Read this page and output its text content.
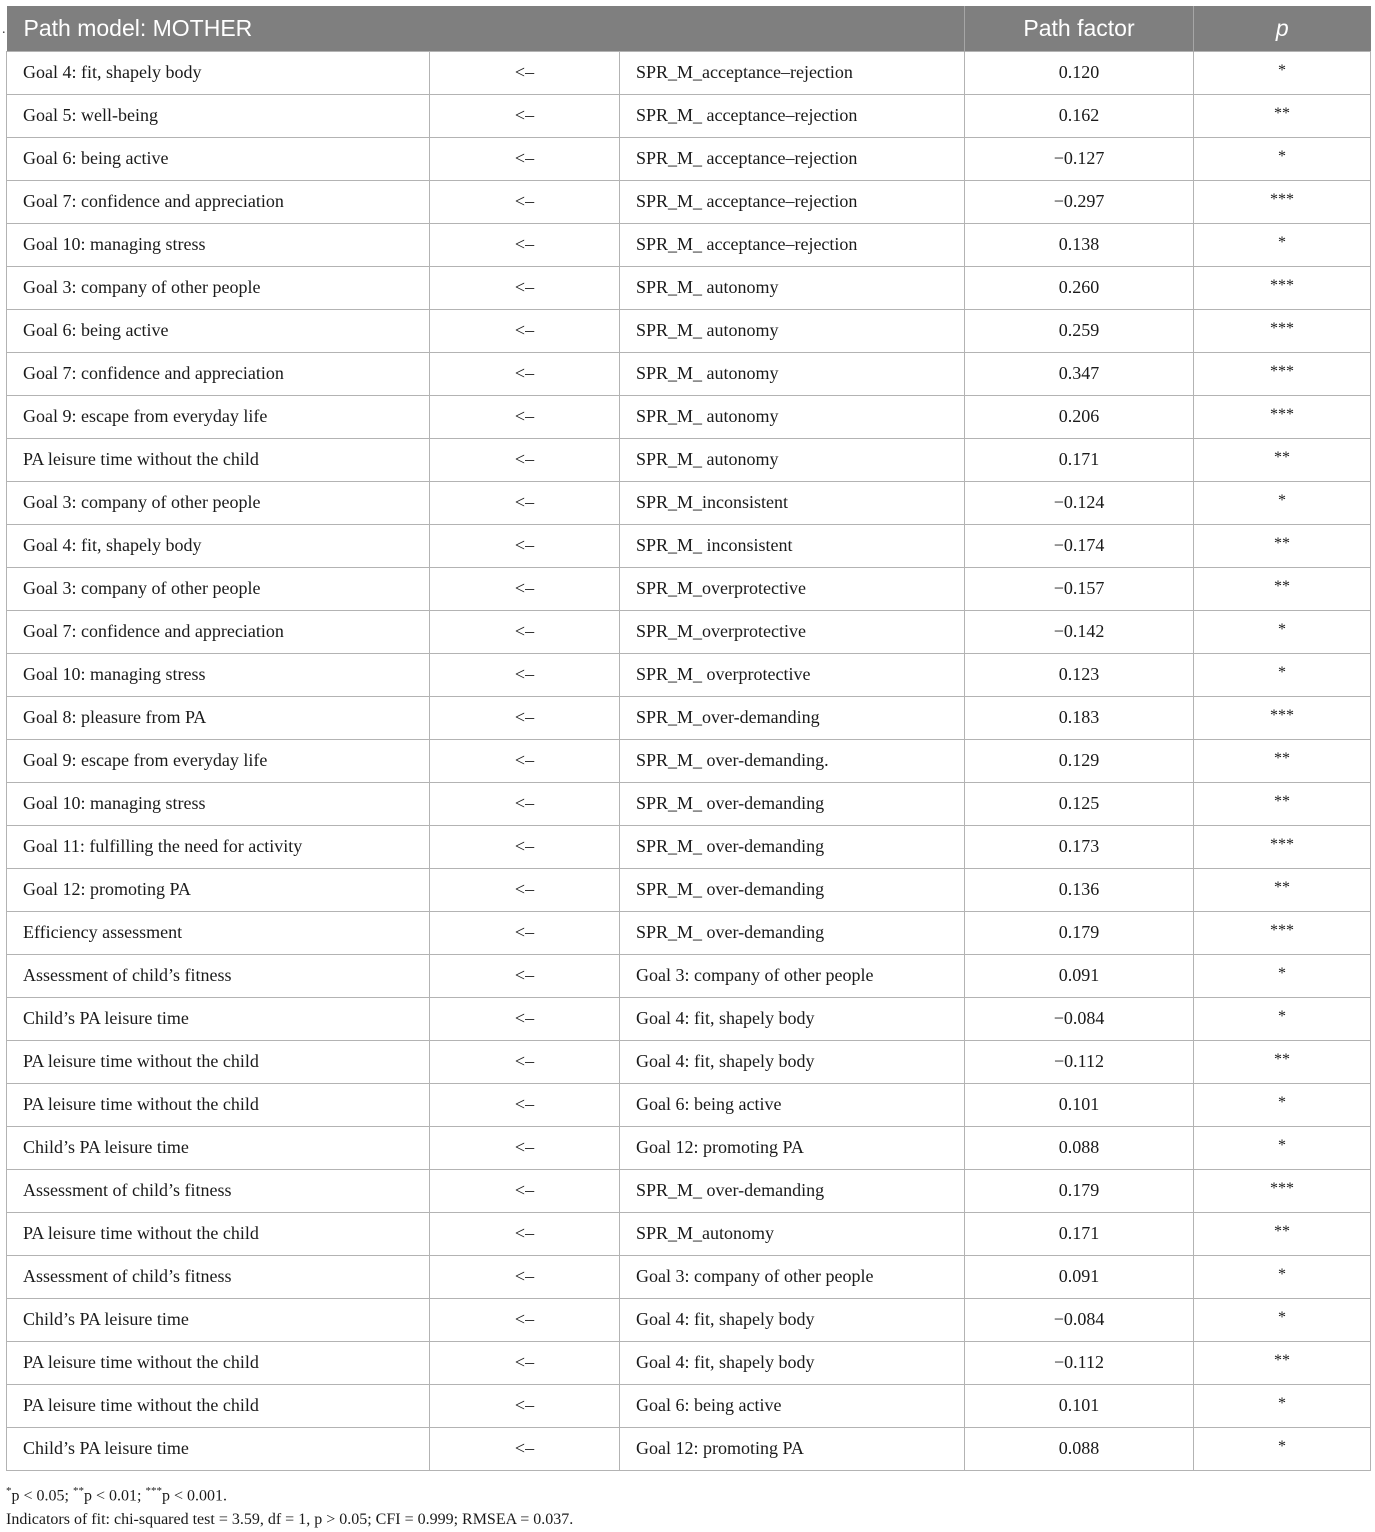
. Path model: MOTHER			Path factor	p
Goal 4: fit, shapely body	<–	SPR_M_acceptance–rejection	0.120	*
Goal 5: well-being	<–	SPR_M_ acceptance–rejection	0.162	**
Goal 6: being active	<–	SPR_M_ acceptance–rejection	−0.127	*
Goal 7: confidence and appreciation	<–	SPR_M_ acceptance–rejection	−0.297	***
Goal 10: managing stress	<–	SPR_M_ acceptance–rejection	0.138	*
Goal 3: company of other people	<–	SPR_M_ autonomy	0.260	***
Goal 6: being active	<–	SPR_M_ autonomy	0.259	***
Goal 7: confidence and appreciation	<–	SPR_M_ autonomy	0.347	***
Goal 9: escape from everyday life	<–	SPR_M_ autonomy	0.206	***
PA leisure time without the child	<–	SPR_M_ autonomy	0.171	**
Goal 3: company of other people	<–	SPR_M_inconsistent	−0.124	*
Goal 4: fit, shapely body	<–	SPR_M_ inconsistent	−0.174	**
Goal 3: company of other people	<–	SPR_M_overprotective	−0.157	**
Goal 7: confidence and appreciation	<–	SPR_M_overprotective	−0.142	*
Goal 10: managing stress	<–	SPR_M_ overprotective	0.123	*
Goal 8: pleasure from PA	<–	SPR_M_over-demanding	0.183	***
Goal 9: escape from everyday life	<–	SPR_M_ over-demanding.	0.129	**
Goal 10: managing stress	<–	SPR_M_ over-demanding	0.125	**
Goal 11: fulfilling the need for activity	<–	SPR_M_ over-demanding	0.173	***
Goal 12: promoting PA	<–	SPR_M_ over-demanding	0.136	**
Efficiency assessment	<–	SPR_M_ over-demanding	0.179	***
Assessment of child’s fitness	<–	Goal 3: company of other people	0.091	*
Child’s PA leisure time	<–	Goal 4: fit, shapely body	−0.084	*
PA leisure time without the child	<–	Goal 4: fit, shapely body	−0.112	**
PA leisure time without the child	<–	Goal 6: being active	0.101	*
Child’s PA leisure time	<–	Goal 12: promoting PA	0.088	*
Assessment of child’s fitness	<–	SPR_M_ over-demanding	0.179	***
PA leisure time without the child	<–	SPR_M_autonomy	0.171	**
Assessment of child’s fitness	<–	Goal 3: company of other people	0.091	*
Child’s PA leisure time	<–	Goal 4: fit, shapely body	−0.084	*
PA leisure time without the child	<–	Goal 4: fit, shapely body	−0.112	**
PA leisure time without the child	<–	Goal 6: being active	0.101	*
Child’s PA leisure time	<–	Goal 12: promoting PA	0.088	*
*p < 0.05; **p < 0.01; ***p < 0.001.
Indicators of fit: chi-squared test = 3.59, df = 1, p > 0.05; CFI = 0.999; RMSEA = 0.037.
